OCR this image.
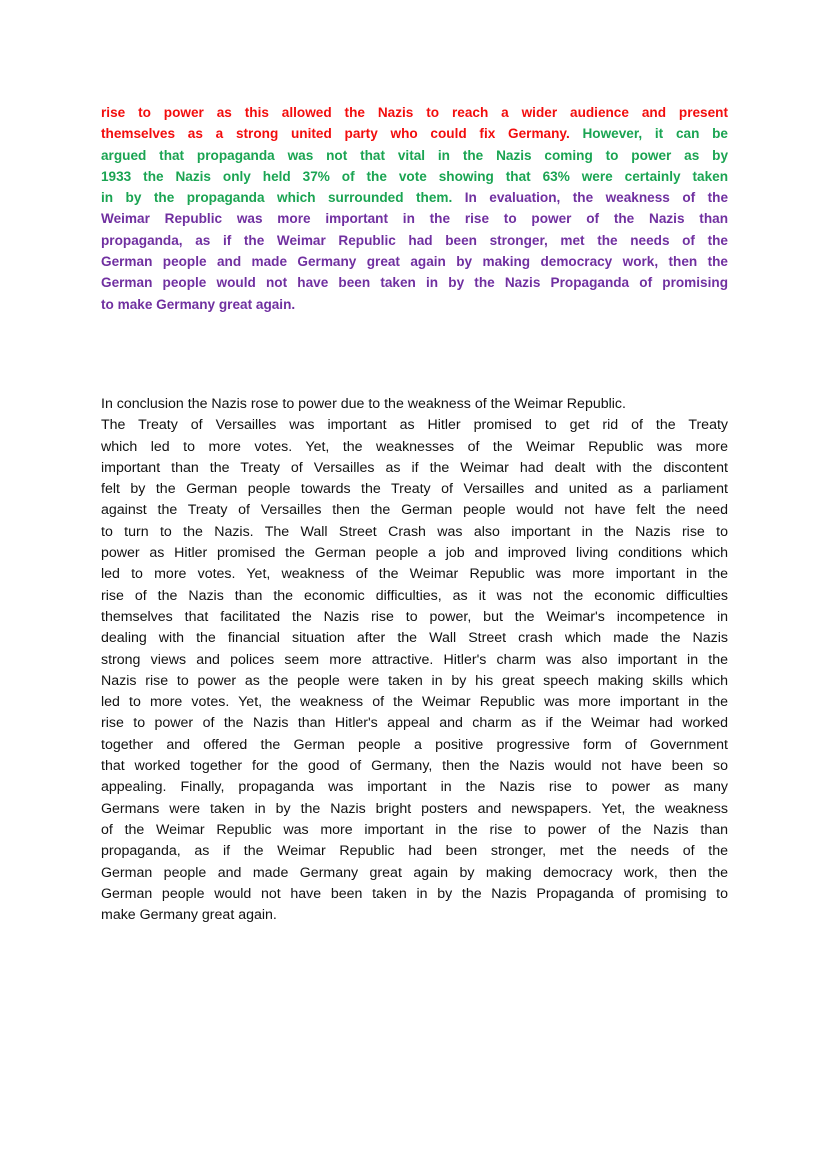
rise to power as this allowed the Nazis to reach a wider audience and present
themselves as a strong united party who could fix Germany. However, it can be
argued that propaganda was not that vital in the Nazis coming to power as by
1933 the Nazis only held 37% of the vote showing that 63% were certainly taken
in by the propaganda which surrounded them. In evaluation, the weakness of the
Weimar Republic was more important in the rise to power of the Nazis than
propaganda, as if the Weimar Republic had been stronger, met the needs of the
German people and made Germany great again by making democracy work, then the
German people would not have been taken in by the Nazis Propaganda of promising
to make Germany great again.
In conclusion the Nazis rose to power due to the weakness of the Weimar Republic.
The Treaty of Versailles was important as Hitler promised to get rid of the Treaty
which led to more votes. Yet, the weaknesses of the Weimar Republic was more
important than the Treaty of Versailles as if the Weimar had dealt with the discontent
felt by the German people towards the Treaty of Versailles and united as a parliament
against the Treaty of Versailles then the German people would not have felt the need
to turn to the Nazis. The Wall Street Crash was also important in the Nazis rise to
power as Hitler promised the German people a job and improved living conditions which
led to more votes. Yet, weakness of the Weimar Republic was more important in the
rise of the Nazis than the economic difficulties, as it was not the economic difficulties
themselves that facilitated the Nazis rise to power, but the Weimar's incompetence in
dealing with the financial situation after the Wall Street crash which made the Nazis
strong views and polices seem more attractive. Hitler's charm was also important in the
Nazis rise to power as the people were taken in by his great speech making skills which
led to more votes. Yet, the weakness of the Weimar Republic was more important in the
rise to power of the Nazis than Hitler's appeal and charm as if the Weimar had worked
together and offered the German people a positive progressive form of Government
that worked together for the good of Germany, then the Nazis would not have been so
appealing. Finally, propaganda was important in the Nazis rise to power as many
Germans were taken in by the Nazis bright posters and newspapers. Yet, the weakness
of the Weimar Republic was more important in the rise to power of the Nazis than
propaganda, as if the Weimar Republic had been stronger, met the needs of the
German people and made Germany great again by making democracy work, then the
German people would not have been taken in by the Nazis Propaganda of promising to
make Germany great again.
